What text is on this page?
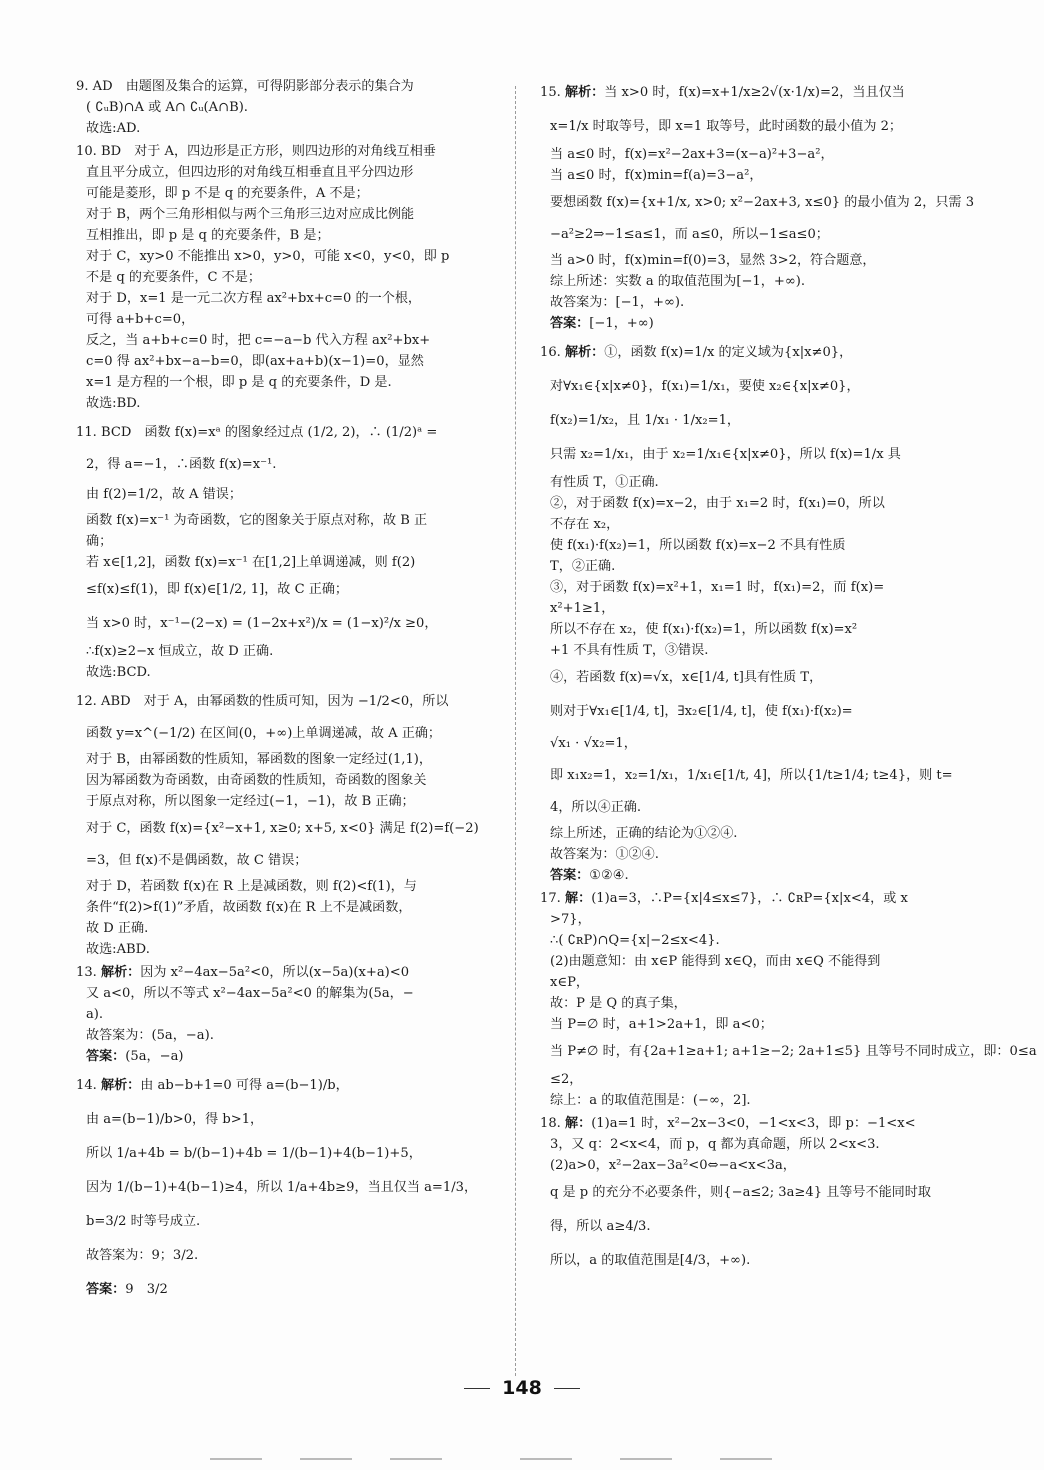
9. AD　由题图及集合的运算，可得阴影部分表示的集合为
( ∁ᵤB)∩A 或 A∩ ∁ᵤ(A∩B).
故选:AD.
10. BD　对于 A，四边形是正方形，则四边形的对角线互相垂
直且平分成立，但四边形的对角线互相垂直且平分四边形
可能是菱形，即 p 不是 q 的充要条件，A 不是；
对于 B，两个三角形相似与两个三角形三边对应成比例能
互相推出，即 p 是 q 的充要条件，B 是；
对于 C，xy>0 不能推出 x>0，y>0，可能 x<0，y<0，即 p
不是 q 的充要条件，C 不是；
对于 D，x=1 是一元二次方程 ax²+bx+c=0 的一个根，
可得 a+b+c=0，
反之，当 a+b+c=0 时，把 c=−a−b 代入方程 ax²+bx+
c=0 得 ax²+bx−a−b=0，即(ax+a+b)(x−1)=0，显然
x=1 是方程的一个根，即 p 是 q 的充要条件，D 是.
故选:BD.
11. BCD　函数 f(x)=xᵃ 的图象经过点 (1/2, 2)，∴ (1/2)ᵃ =
2，得 a=−1，∴函数 f(x)=x⁻¹.
由 f(2)=1/2，故 A 错误；
函数 f(x)=x⁻¹ 为奇函数，它的图象关于原点对称，故 B 正
确；
若 x∈[1,2]，函数 f(x)=x⁻¹ 在[1,2]上单调递减，则 f(2)
≤f(x)≤f(1)，即 f(x)∈[1/2, 1]，故 C 正确；
当 x>0 时，x⁻¹−(2−x) = (1−2x+x²)/x = (1−x)²/x ≥0，
∴f(x)≥2−x 恒成立，故 D 正确.
故选:BCD.
12. ABD　对于 A，由幂函数的性质可知，因为 −1/2<0，所以
函数 y=x^(−1/2) 在区间(0，+∞)上单调递减，故 A 正确；
对于 B，由幂函数的性质知，幂函数的图象一定经过(1,1)，
因为幂函数为奇函数，由奇函数的性质知，奇函数的图象关
于原点对称，所以图象一定经过(−1，−1)，故 B 正确；
对于 C，函数 f(x)={x²−x+1, x≥0; x+5, x<0} 满足 f(2)=f(−2)
=3，但 f(x)不是偶函数，故 C 错误；
对于 D，若函数 f(x)在 R 上是减函数，则 f(2)<f(1)，与
条件“f(2)>f(1)”矛盾，故函数 f(x)在 R 上不是减函数，
故 D 正确.
故选:ABD.
13. 解析：因为 x²−4ax−5a²<0，所以(x−5a)(x+a)<0
又 a<0，所以不等式 x²−4ax−5a²<0 的解集为(5a，−
a).
故答案为：(5a，−a).
答案：(5a，−a)
14. 解析：由 ab−b+1=0 可得 a=(b−1)/b，
由 a=(b−1)/b>0，得 b>1，
所以 1/a+4b = b/(b−1)+4b = 1/(b−1)+4(b−1)+5，
因为 1/(b−1)+4(b−1)≥4，所以 1/a+4b≥9，当且仅当 a=1/3，
b=3/2 时等号成立.
故答案为：9；3/2.
答案：9　3/2
15. 解析：当 x>0 时，f(x)=x+1/x≥2√(x·1/x)=2，当且仅当
x=1/x 时取等号，即 x=1 取等号，此时函数的最小值为 2；
当 a≤0 时，f(x)=x²−2ax+3=(x−a)²+3−a²，
当 a≤0 时，f(x)min=f(a)=3−a²，
要想函数 f(x)={x+1/x, x>0; x²−2ax+3, x≤0} 的最小值为 2，只需 3
−a²≥2⇒−1≤a≤1，而 a≤0，所以−1≤a≤0；
当 a>0 时，f(x)min=f(0)=3，显然 3>2，符合题意，
综上所述：实数 a 的取值范围为[−1，+∞).
故答案为：[−1，+∞).
答案：[−1，+∞)
16. 解析：①，函数 f(x)=1/x 的定义域为{x|x≠0}，
对∀x₁∈{x|x≠0}，f(x₁)=1/x₁，要使 x₂∈{x|x≠0}，
f(x₂)=1/x₂，且 1/x₁ · 1/x₂=1，
只需 x₂=1/x₁，由于 x₂=1/x₁∈{x|x≠0}，所以 f(x)=1/x 具
有性质 T，①正确.
②，对于函数 f(x)=x−2，由于 x₁=2 时，f(x₁)=0，所以
不存在 x₂，
使 f(x₁)·f(x₂)=1，所以函数 f(x)=x−2 不具有性质
T，②正确.
③，对于函数 f(x)=x²+1，x₁=1 时，f(x₁)=2，而 f(x)=
x²+1≥1，
所以不存在 x₂，使 f(x₁)·f(x₂)=1，所以函数 f(x)=x²
+1 不具有性质 T，③错误.
④，若函数 f(x)=√x，x∈[1/4, t]具有性质 T，
则对于∀x₁∈[1/4, t]，∃x₂∈[1/4, t]，使 f(x₁)·f(x₂)=
√x₁ · √x₂=1，
即 x₁x₂=1，x₂=1/x₁，1/x₁∈[1/t, 4]，所以{1/t≥1/4; t≥4}，则 t=
4，所以④正确.
综上所述，正确的结论为①②④.
故答案为：①②④.
答案：①②④.
17. 解：(1)a=3，∴P={x|4≤x≤7}，∴ ∁ʀP={x|x<4，或 x
>7}，
∴( ∁ʀP)∩Q={x|−2≤x<4}.
(2)由题意知：由 x∈P 能得到 x∈Q，而由 x∈Q 不能得到
x∈P，
故：P 是 Q 的真子集，
当 P=∅ 时，a+1>2a+1，即 a<0；
当 P≠∅ 时，有{2a+1≥a+1; a+1≥−2; 2a+1≤5} 且等号不同时成立，即：0≤a
≤2，
综上：a 的取值范围是：(−∞，2].
18. 解：(1)a=1 时，x²−2x−3<0，−1<x<3，即 p：−1<x<
3，又 q：2<x<4，而 p，q 都为真命题，所以 2<x<3.
(2)a>0，x²−2ax−3a²<0⇔−a<x<3a，
q 是 p 的充分不必要条件，则{−a≤2; 3a≥4} 且等号不能同时取
得，所以 a≥4/3.
所以，a 的取值范围是[4/3，+∞).
148
